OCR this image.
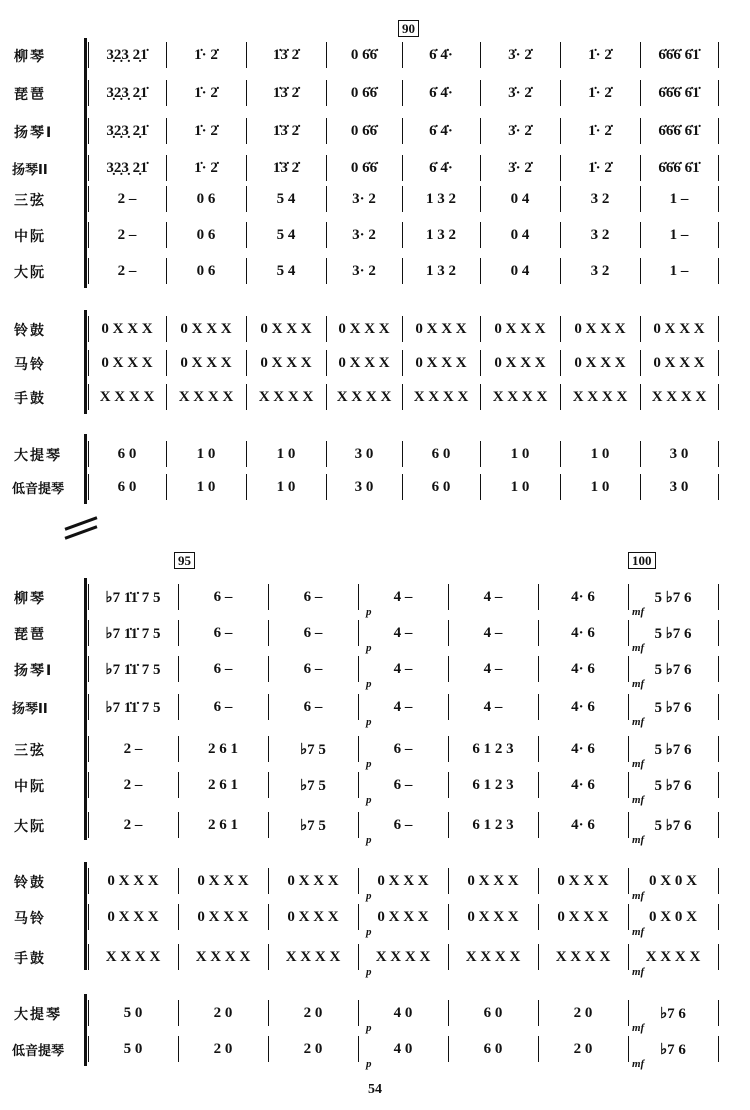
90
95	100
柳琴	3̣2̣3̣ 2̣1̇	1̇· 2̇	1̇3̇ 2̇	0 6̇6̇	6̇ 4̇·	3̇· 2̇	1̇· 2̇	6̇6̇6̇ 6̇1̇
琵琶	3̣2̣3̣ 2̣1̇	1̇· 2̇	1̇3̇ 2̇	0 6̇6̇	6̇ 4̇·	3̇· 2̇	1̇· 2̇	6̇6̇6̇ 6̇1̇
扬琴I	3̣2̣3̣ 2̣1̇	1̇· 2̇	1̇3̇ 2̇	0 6̇6̇	6̇ 4̇·	3̇· 2̇	1̇· 2̇	6̇6̇6̇ 6̇1̇
扬琴II	3̣2̣3̣ 2̣1̇	1̇· 2̇	1̇3̇ 2̇	0 6̇6̇	6̇ 4̇·	3̇· 2̇	1̇· 2̇	6̇6̇6̇ 6̇1̇
三弦	2 –	0 6	5 4	3· 2	1 3 2	0 4	3 2	1 –
中阮	2 –	0 6	5 4	3· 2	1 3 2	0 4	3 2	1 –
大阮	2 –	0 6	5 4	3· 2	1 3 2	0 4	3 2	1 –
铃鼓	0 X X X	0 X X X	0 X X X	0 X X X	0 X X X	0 X X X	0 X X X	0 X X X
马铃	0 X X X	0 X X X	0 X X X	0 X X X	0 X X X	0 X X X	0 X X X	0 X X X
手鼓	X X X X	X X X X	X X X X	X X X X	X X X X	X X X X	X X X X	X X X X
大提琴	6 0	1 0	1 0	3 0	6 0	1 0	1 0	3 0
低音提琴	6 0	1 0	1 0	3 0	6 0	1 0	1 0	3 0
柳琴	♭7 1̇1̇ 7 5	6 –	6 –	4 –	4 –	4· 6	5 ♭7 6
琵琶	♭7 1̇1̇ 7 5	6 –	6 –	4 –	4 –	4· 6	5 ♭7 6
扬琴I	♭7 1̇1̇ 7 5	6 –	6 –	4 –	4 –	4· 6	5 ♭7 6
扬琴II	♭7 1̇1̇ 7 5	6 –	6 –	4 –	4 –	4· 6	5 ♭7 6
三弦	2 –	2 6 1	♭7 5	6 –	6 1 2 3	4· 6	5 ♭7 6
中阮	2 –	2 6 1	♭7 5	6 –	6 1 2 3	4· 6	5 ♭7 6
大阮	2 –	2 6 1	♭7 5	6 –	6 1 2 3	4· 6	5 ♭7 6
铃鼓	0 X X X	0 X X X	0 X X X	0 X X X	0 X X X	0 X X X	0 X 0 X
马铃	0 X X X	0 X X X	0 X X X	0 X X X	0 X X X	0 X X X	0 X 0 X
手鼓	X X X X	X X X X	X X X X	X X X X	X X X X	X X X X	X X X X
大提琴	5 0	2 0	2 0	4 0	6 0	2 0	♭7 6
低音提琴	5 0	2 0	2 0	4 0	6 0	2 0	♭7 6
54
p	mf
p	mf
p	mf
p	mf
p	mf
p	mf
p	mf
p	mf
p	mf
p	mf
p	mf
p	mf
